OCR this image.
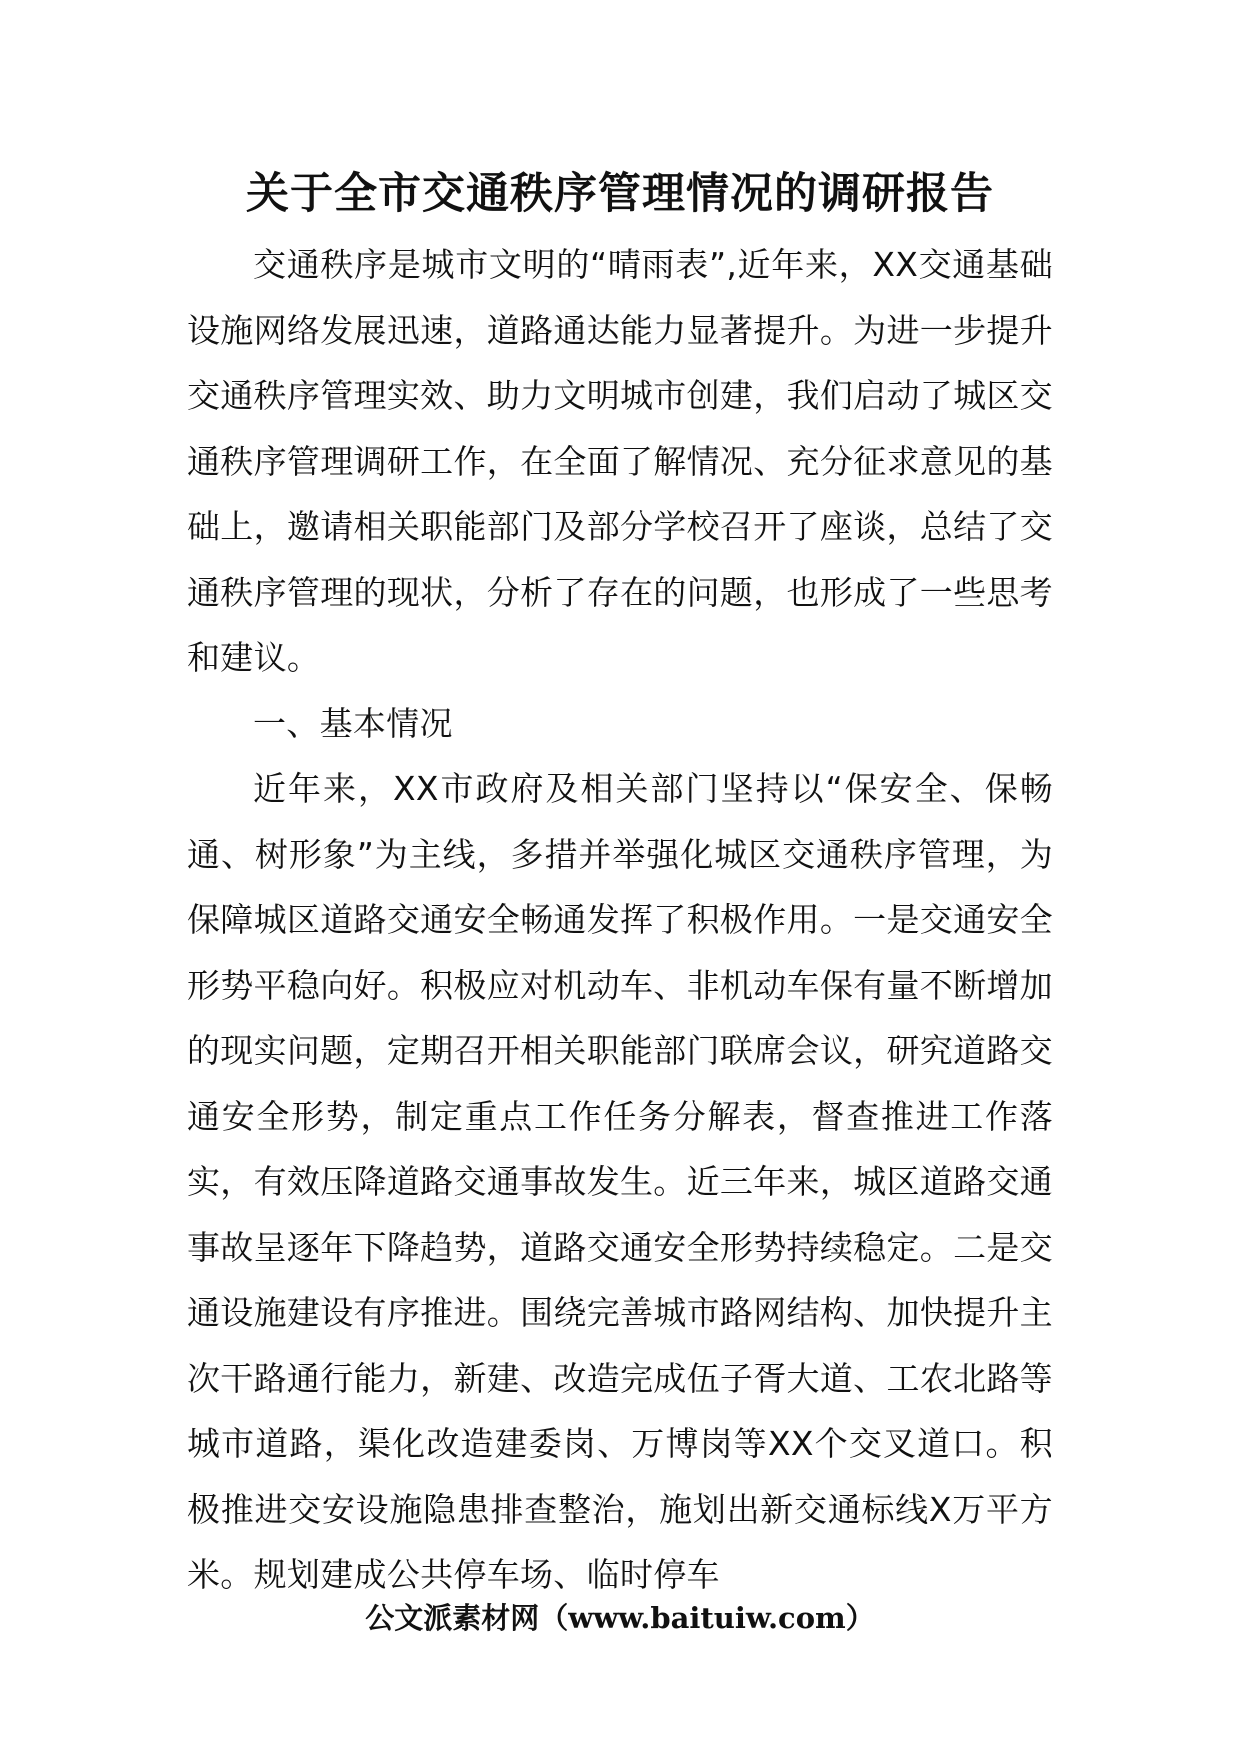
关于全市交通秩序管理情况的调研报告

交通秩序是城市文明的“晴雨表”,近年来，XX交通基础设施网络发展迅速，道路通达能力显著提升。为进一步提升交通秩序管理实效、助力文明城市创建，我们启动了城区交通秩序管理调研工作，在全面了解情况、充分征求意见的基础上，邀请相关职能部门及部分学校召开了座谈，总结了交通秩序管理的现状，分析了存在的问题，也形成了一些思考和建议。

一、基本情况

近年来，XX市政府及相关部门坚持以“保安全、保畅通、树形象”为主线，多措并举强化城区交通秩序管理，为保障城区道路交通安全畅通发挥了积极作用。一是交通安全形势平稳向好。积极应对机动车、非机动车保有量不断增加的现实问题，定期召开相关职能部门联席会议，研究道路交通安全形势，制定重点工作任务分解表，督查推进工作落实，有效压降道路交通事故发生。近三年来，城区道路交通事故呈逐年下降趋势，道路交通安全形势持续稳定。二是交通设施建设有序推进。围绕完善城市路网结构、加快提升主次干路通行能力，新建、改造完成伍子胥大道、工农北路等城市道路，渠化改造建委岗、万博岗等XX个交叉道口。积极推进交安设施隐患排查整治，施划出新交通标线X万平方米。规划建成公共停车场、临时停车

公文派素材网（www.baituiw.com）
